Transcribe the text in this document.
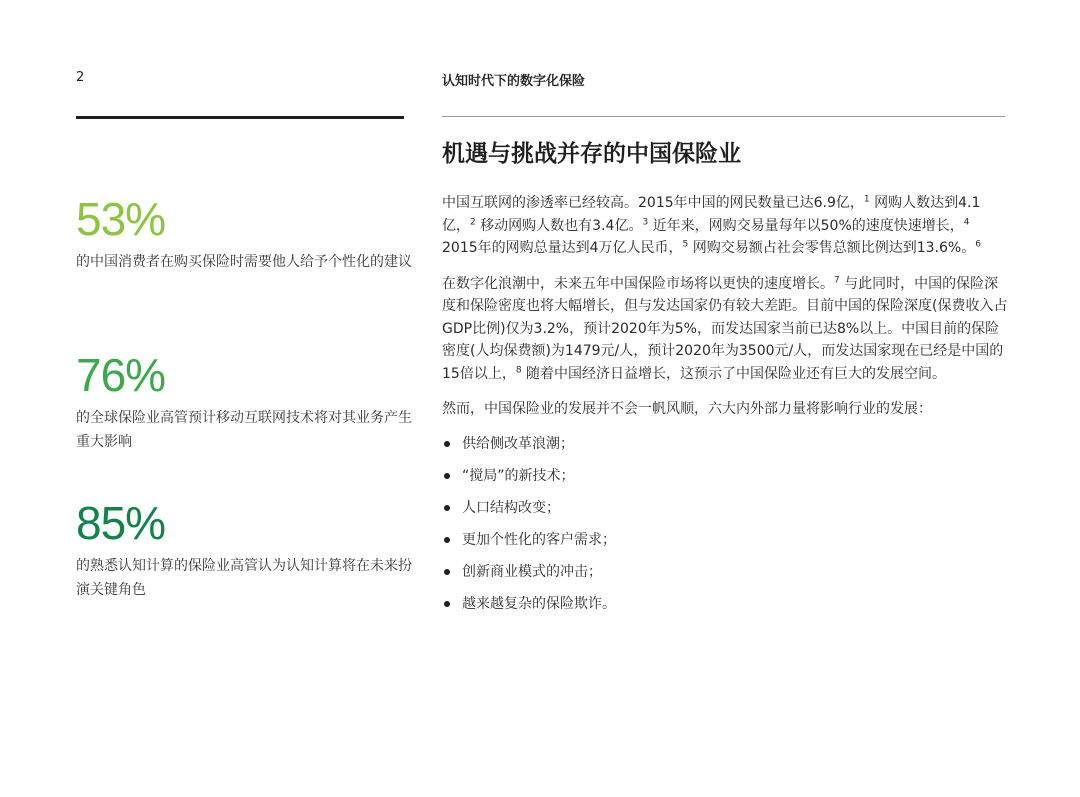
2	认知时代下的数字化保险
53%
的中国消费者在购买保险时需要他人给予个性化的建议
76%
的全球保险业高管预计移动互联网技术将对其业务产生重大影响
85%
的熟悉认知计算的保险业高管认为认知计算将在未来扮演关键角色
机遇与挑战并存的中国保险业

中国互联网的渗透率已经较高。2015年中国的网民数量已达6.9亿，$^1$ 网购人数达到4.1亿，$^2$ 移动网购人数也有3.4亿。$^3$ 近年来，网购交易量每年以50%的速度快速增长，$^4$ 2015年的网购总量达到4万亿人民币，$^5$ 网购交易额占社会零售总额比例达到13.6%。$^6$

在数字化浪潮中，未来五年中国保险市场将以更快的速度增长。$^7$ 与此同时，中国的保险深度和保险密度也将大幅增长，但与发达国家仍有较大差距。目前中国的保险深度(保费收入占GDP比例)仅为3.2%，预计2020年为5%，而发达国家当前已达8%以上。中国目前的保险密度(人均保费额)为1479元/人，预计2020年为3500元/人，而发达国家现在已经是中国的15倍以上，$^8$ 随着中国经济日益增长，这预示了中国保险业还有巨大的发展空间。

然而，中国保险业的发展并不会一帆风顺，六大内外部力量将影响行业的发展：

供给侧改革浪潮；
“搅局”的新技术；
人口结构改变；
更加个性化的客户需求；
创新商业模式的冲击；
越来越复杂的保险欺诈。
